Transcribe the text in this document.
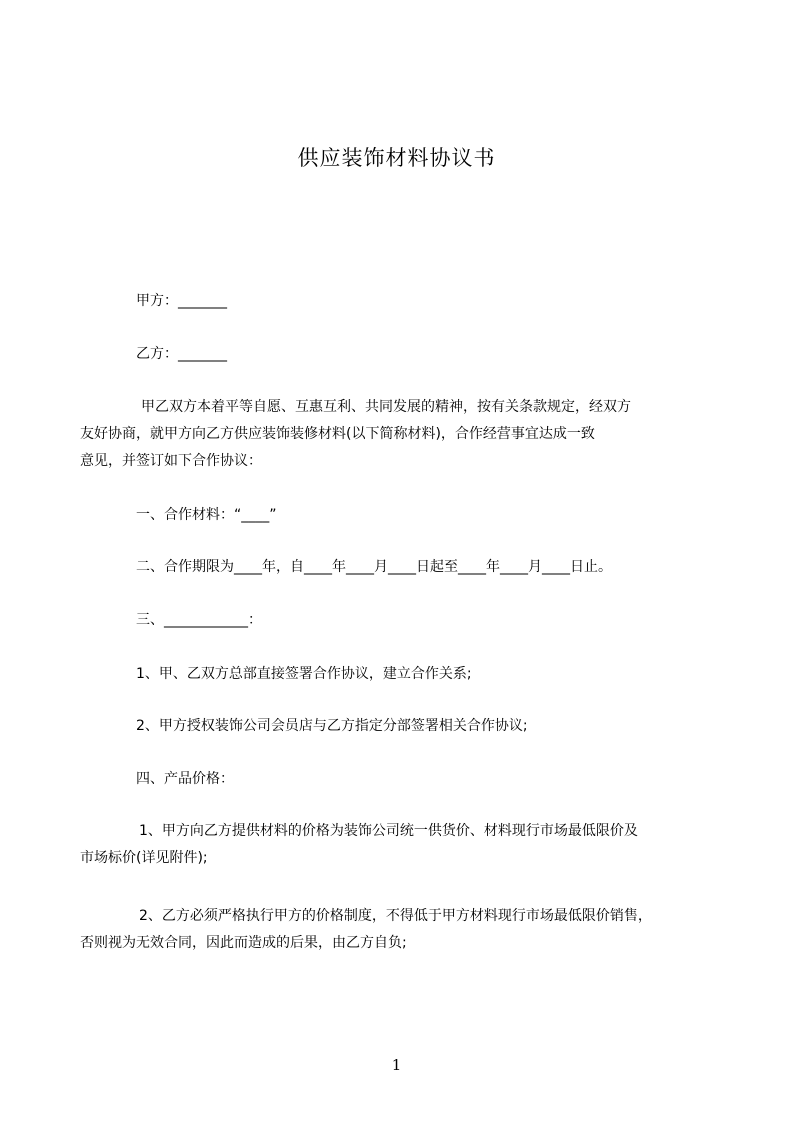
供应装饰材料协议书

甲方：_______

乙方：_______

甲乙双方本着平等自愿、互惠互利、共同发展的精神，按有关条款规定，经双方
友好协商，就甲方向乙方供应装饰装修材料(以下简称材料)，合作经营事宜达成一致
意见，并签订如下合作协议：

一、合作材料：“____”

二、合作期限为____年，自____年____月____日起至____年____月____日止。

三、____________：

1、甲、乙双方总部直接签署合作协议，建立合作关系;

2、甲方授权装饰公司会员店与乙方指定分部签署相关合作协议;

四、产品价格：

1、甲方向乙方提供材料的价格为装饰公司统一供货价、材料现行市场最低限价及
市场标价(详见附件);
2、乙方必须严格执行甲方的价格制度，不得低于甲方材料现行市场最低限价销售，
否则视为无效合同，因此而造成的后果，由乙方自负;
1
